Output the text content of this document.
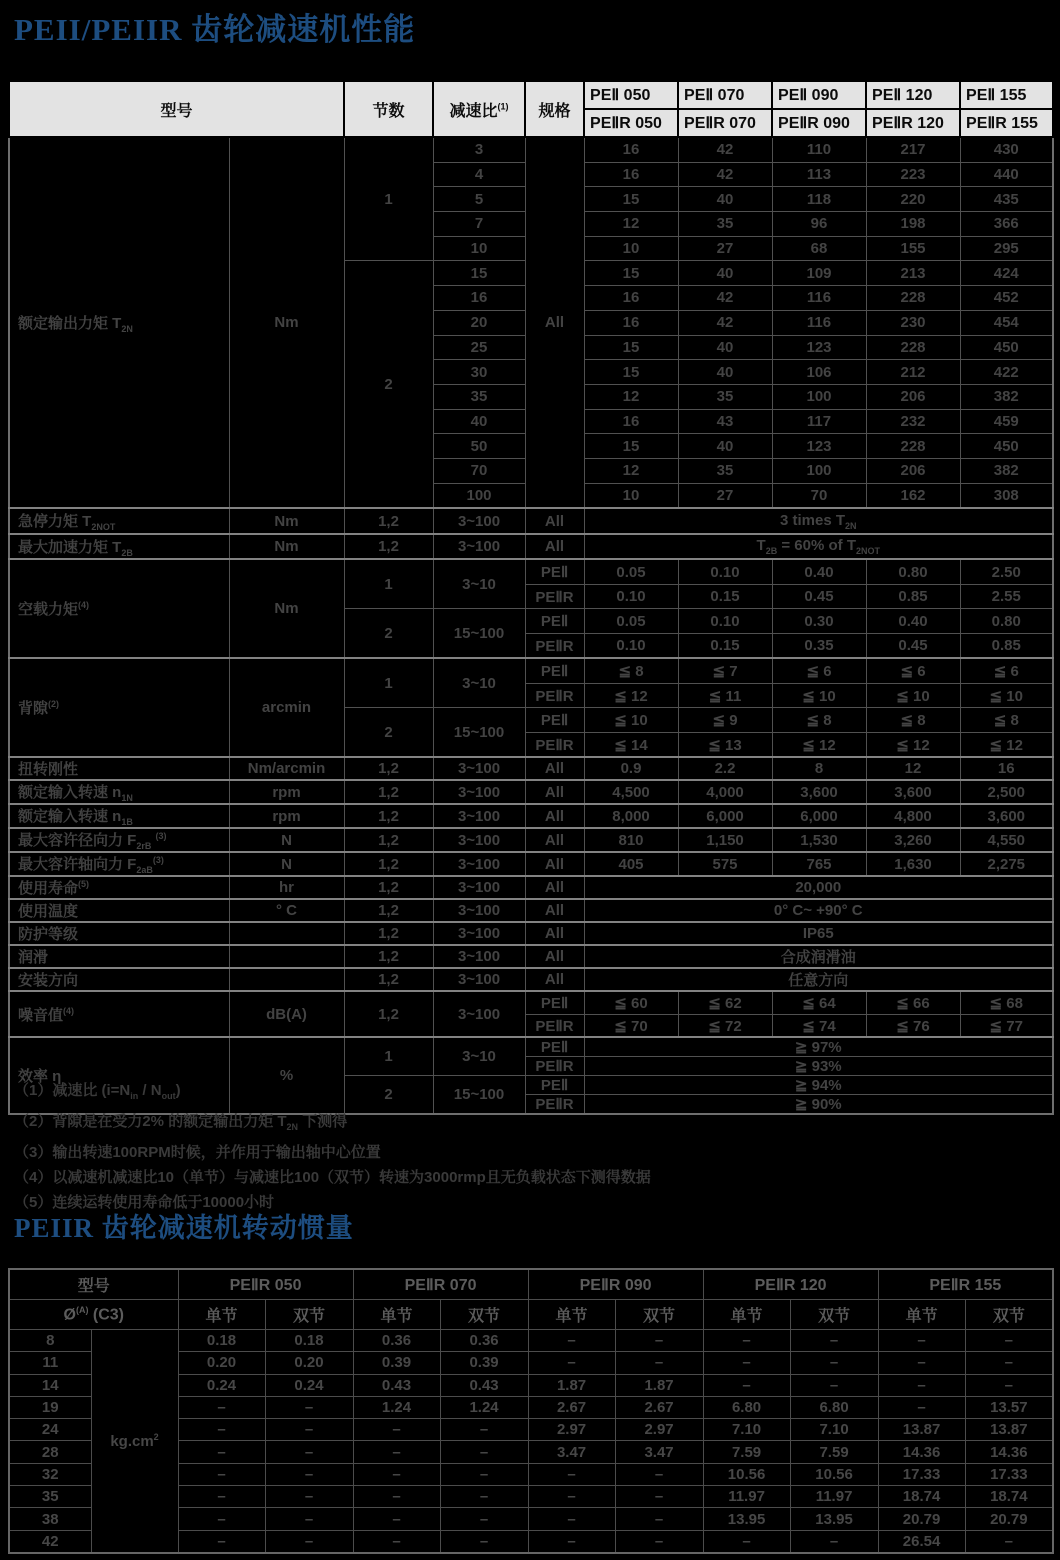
PEII/PEIIR 齿轮减速机性能
型号		节数	减速比$^{(1)}$	规格	PEⅡ 050	PEⅡ 070	PEⅡ 090	PEⅡ 120	PEⅡ 155
					PEⅡR 050	PEⅡR 070	PEⅡR 090	PEⅡR 120	PEⅡR 155
额定输出力矩 $T_{2N}$	Nm	1	3	All	16	42	110	217	430
			4		16	42	113	223	440
			5		15	40	118	220	435
			7		12	35	96	198	366
			10		10	27	68	155	295
		2	15		15	40	109	213	424
			16		16	42	116	228	452
			20		16	42	116	230	454
			25		15	40	123	228	450
			30		15	40	106	212	422
			35		12	35	100	206	382
			40		16	43	117	232	459
			50		15	40	123	228	450
			70		12	35	100	206	382
			100		10	27	70	162	308
急停力矩 $T_{2NOT}$	Nm	1,2	3~100	All	3 times $T_{2N}$
最大加速力矩 $T_{2B}$	Nm	1,2	3~100	All	$T_{2B} = 60\%$ of $T_{2NOT}$
空载力矩$^{(4)}$	Nm	1	3~10	PEⅡ	0.05	0.10	0.40	0.80	2.50
				PEⅡR	0.10	0.15	0.45	0.85	2.55
		2	15~100	PEⅡ	0.05	0.10	0.30	0.40	0.80
				PEⅡR	0.10	0.15	0.35	0.45	0.85
背隙$^{(2)}$	arcmin	1	3~10	PEⅡ	≦ 8	≦ 7	≦ 6	≦ 6	≦ 6
				PEⅡR	≦ 12	≦ 11	≦ 10	≦ 10	≦ 10
		2	15~100	PEⅡ	≦ 10	≦ 9	≦ 8	≦ 8	≦ 8
				PEⅡR	≦ 14	≦ 13	≦ 12	≦ 12	≦ 12
扭转刚性	Nm/arcmin	1,2	3~100	All	0.9	2.2	8	12	16
额定输入转速 $n_{1N}$	rpm	1,2	3~100	All	4,500	4,000	3,600	3,600	2,500
额定输入转速 $n_{1B}$	rpm	1,2	3~100	All	8,000	6,000	6,000	4,800	3,600
最大容许径向力 $F_{2rB}$ $^{(3)}$	N	1,2	3~100	All	810	1,150	1,530	3,260	4,550
最大容许轴向力 $F_{2aB}^{(3)}$	N	1,2	3~100	All	405	575	765	1,630	2,275
使用寿命$^{(5)}$	hr	1,2	3~100	All	20,000				
使用温度	° C	1,2	3~100	All	0° C~ +90° C				
防护等级		1,2	3~100	All	IP65				
润滑		1,2	3~100	All	合成润滑油				
安装方向		1,2	3~100	All	任意方向				
噪音值$^{(4)}$	dB(A)	1,2	3~100	PEⅡ	≦ 60	≦ 62	≦ 64	≦ 66	≦ 68
				PEⅡR	≦ 70	≦ 72	≦ 74	≦ 76	≦ 77
效率 η	%	1	3~10	PEⅡ	≧ 97%				
				PEⅡR	≧ 93%				
		2	15~100	PEⅡ	≧ 94%				
				PEⅡR	≧ 90%				
（1）减速比 $(i=N_{in} / N_{out})$
（2）背隙是在受力2% 的额定输出力矩 $T_{2N}$ 下测得
（3）输出转速100RPM时候，并作用于输出轴中心位置
（4）以减速机减速比10（单节）与减速比100（双节）转速为3000rmp且无负载状态下测得数据
（5）连续运转使用寿命低于10000小时
PEIIR 齿轮减速机转动惯量
型号		PEⅡR 050		PEⅡR 070		PEⅡR 090		PEⅡR 120		PEⅡR 155	
$Ø^{(A)}$ (C3)		单节	双节	单节	双节	单节	双节	单节	双节	单节	双节
8	$kg.cm^2$	0.18	0.18	0.36	0.36	–	–	–	–	–	–
11		0.20	0.20	0.39	0.39	–	–	–	–	–	–
14		0.24	0.24	0.43	0.43	1.87	1.87	–	–	–	–
19		–	–	1.24	1.24	2.67	2.67	6.80	6.80	–	13.57
24		–	–	–	–	2.97	2.97	7.10	7.10	13.87	13.87
28		–	–	–	–	3.47	3.47	7.59	7.59	14.36	14.36
32		–	–	–	–	–	–	10.56	10.56	17.33	17.33
35		–	–	–	–	–	–	11.97	11.97	18.74	18.74
38		–	–	–	–	–	–	13.95	13.95	20.79	20.79
42		–	–	–	–	–	–	–	–	26.54	–
